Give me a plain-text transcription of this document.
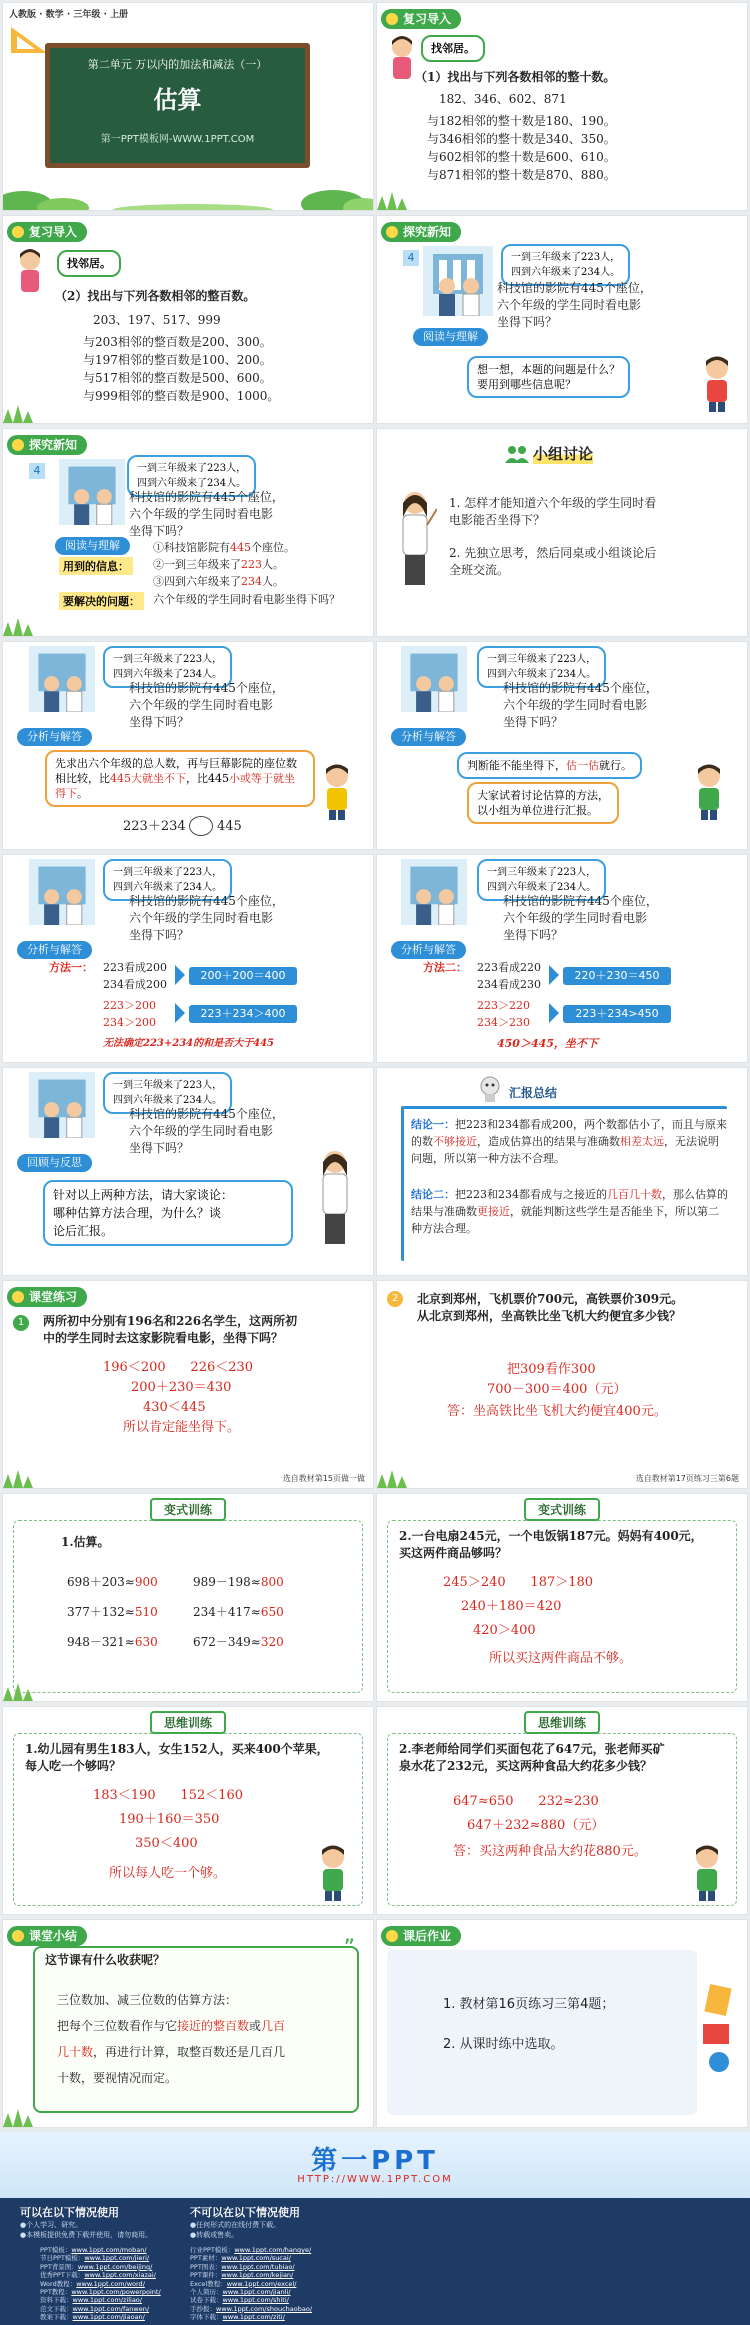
人教版 · 数学 · 三年级 · 上册
第二单元 万以内的加法和减法（一）
估算
第一PPT模板网-WWW.1PPT.COM
复习导入
找邻居。
（1）找出与下列各数相邻的整十数。
182、346、602、871
与182相邻的整十数是180、190。
与346相邻的整十数是340、350。
与602相邻的整十数是600、610。
与871相邻的整十数是870、880。
复习导入
找邻居。
（2）找出与下列各数相邻的整百数。
203、197、517、999
与203相邻的整百数是200、300。
与197相邻的整百数是100、200。
与517相邻的整百数是500、600。
与999相邻的整百数是900、1000。
探究新知
4	一到三年级来了223人，
四到六年级来了234人。
科技馆的影院有445个座位，
六个年级的学生同时看电影
坐得下吗？
阅读与理解
想一想，本题的问题是什么？
要用到哪些信息呢？
探究新知
4	一到三年级来了223人，
四到六年级来了234人。
科技馆的影院有445个座位，
六个年级的学生同时看电影
坐得下吗？
阅读与理解	①科技馆影院有445个座位。
用到的信息：	②一到三年级来了223人。
③四到六年级来了234人。
要解决的问题：	六个年级的学生同时看电影坐得下吗？
小组讨论
1. 怎样才能知道六个年级的学生同时看
电影能否坐得下？
2. 先独立思考，然后同桌或小组谈论后
全班交流。
一到三年级来了223人，
四到六年级来了234人。
科技馆的影院有445个座位，
六个年级的学生同时看电影
坐得下吗？
分析与解答
先求出六个年级的总人数，再与巨幕影院的座位数相比较，比445大就坐不下，比445小或等于就坐得下。
223＋234 445
一到三年级来了223人，
四到六年级来了234人。
科技馆的影院有445个座位，
六个年级的学生同时看电影
坐得下吗？
分析与解答
判断能不能坐得下，估一估就行。
大家试着讨论估算的方法，
以小组为单位进行汇报。
一到三年级来了223人，
四到六年级来了234人。
科技馆的影院有445个座位，
六个年级的学生同时看电影
坐得下吗？
分析与解答
方法一： 223看成200
234看成200
200＋200＝400
223＞200
234＞200
223＋234＞400
无法确定223+234的和是否大于445
一到三年级来了223人，
四到六年级来了234人。
科技馆的影院有445个座位，
六个年级的学生同时看电影
坐得下吗？
分析与解答
方法二： 223看成220
234看成230
220＋230＝450
223＞220
234＞230
223＋234>450
450＞445，坐不下
一到三年级来了223人，
四到六年级来了234人。
科技馆的影院有445个座位，
六个年级的学生同时看电影
坐得下吗？
回顾与反思
针对以上两种方法，请大家谈论：
哪种估算方法合理，为什么？谈
论后汇报。
汇报总结
结论一：把223和234都看成200，两个数都估小了，而且与原来的数不够接近，造成估算出的结果与准确数相差太远，无法说明问题，所以第一种方法不合理。
结论二：把223和234都看成与之接近的几百几十数，那么估算的结果与准确数更接近，就能判断这些学生是否能坐下，所以第二种方法合理。
课堂练习
1	两所初中分别有196名和226名学生，这两所初
中的学生同时去这家影院看电影，坐得下吗？
196＜200      226＜230
200＋230＝430
430＜445
所以肯定能坐得下。
选自教材第15页做一做
2	北京到郑州，飞机票价700元，高铁票价309元。
从北京到郑州，坐高铁比坐飞机大约便宜多少钱？
把309看作300
700－300＝400（元）
答：坐高铁比坐飞机大约便宜400元。
选自教材第17页练习三第6题
变式训练
1.估算。
698＋203≈900	989－198≈800
377＋132≈510	234＋417≈650
948－321≈630	672－349≈320
变式训练
2.一台电扇245元，一个电饭锅187元。妈妈有400元，
买这两件商品够吗？
245＞240      187＞180
240＋180＝420
420＞400
所以买这两件商品不够。
思维训练
1.幼儿园有男生183人，女生152人，买来400个苹果，
每人吃一个够吗？
183＜190      152＜160
190＋160＝350
350＜400
所以每人吃一个够。
思维训练
2.李老师给同学们买面包花了647元，张老师买矿
泉水花了232元，买这两种食品大约花多少钱？
647≈650      232≈230
647＋232≈880（元）
答：买这两种食品大约花880元。
课堂小结
这节课有什么收获呢？
三位数加、减三位数的估算方法：
把每个三位数看作与它接近的整百数或几百
几十数，再进行计算，取整百数还是几百几
十数，要视情况而定。
”	课后作业
1. 教材第16页练习三第4题；
2. 从课时练中选取。
第一PPT
HTTP://WWW.1PPT.COM
可以在以下情况使用
●个人学习、研究。
●本模板提供免费下载并使用，请勿商用。
不可以在以下情况使用
●任何形式的在线付费下载。
●转载或售卖。
PPT模板：www.1ppt.com/moban/
节日PPT模板：www.1ppt.com/jieri/
PPT背景图：www.1ppt.com/beijing/
优秀PPT下载：www.1ppt.com/xiazai/
Word教程：www.1ppt.com/word/
PPT教程：www.1ppt.com/powerpoint/
资料下载：www.1ppt.com/ziliao/
范文下载：www.1ppt.com/fanwen/
教案下载：www.1ppt.com/jiaoan/
行业PPT模板：www.1ppt.com/hangye/
PPT素材：www.1ppt.com/sucai/
PPT图表：www.1ppt.com/tubiao/
PPT课件：www.1ppt.com/kejian/
Excel教程：www.1ppt.com/excel/
个人简历：www.1ppt.com/jianli/
试卷下载：www.1ppt.com/shiti/
手抄报：www.1ppt.com/shouchaobao/
字体下载：www.1ppt.com/ziti/
